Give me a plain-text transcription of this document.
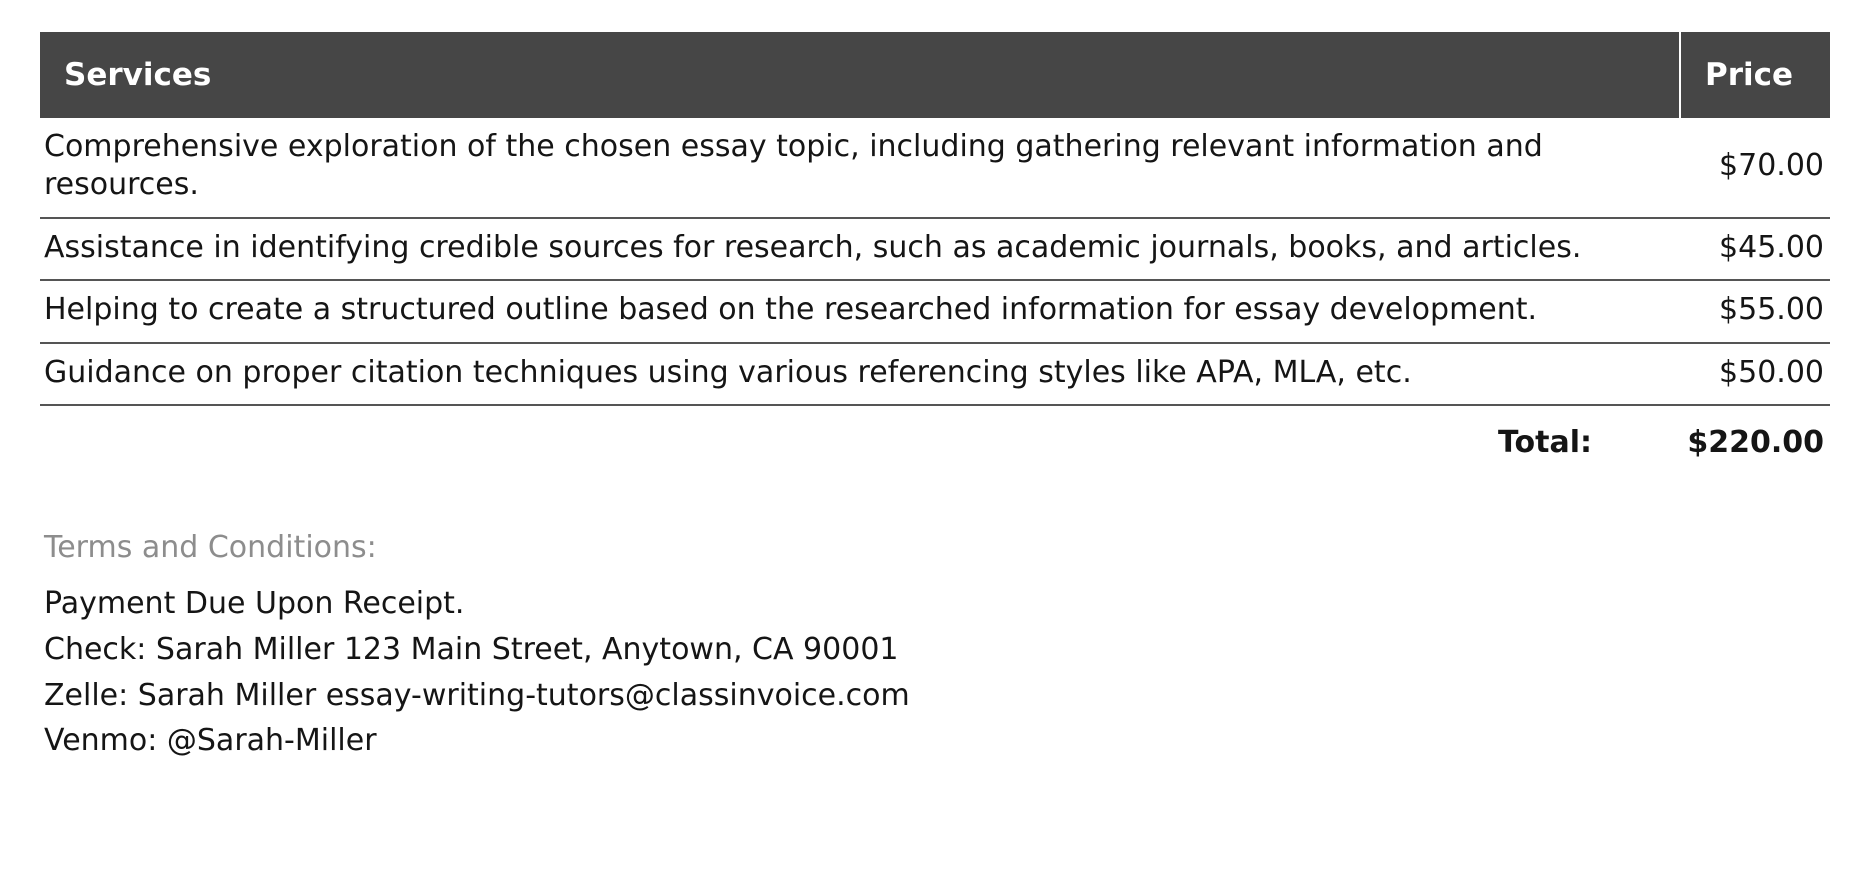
Services	Price
Comprehensive exploration of the chosen essay topic, including gathering relevant information and resources.	$70.00
Assistance in identifying credible sources for research, such as academic journals, books, and articles.	$45.00
Helping to create a structured outline based on the researched information for essay development.	$55.00
Guidance on proper citation techniques using various referencing styles like APA, MLA, etc.	$50.00
Total:	$220.00
Terms and Conditions:
Payment Due Upon Receipt.
Check: Sarah Miller 123 Main Street, Anytown, CA 90001
Zelle: Sarah Miller essay-writing-tutors@classinvoice.com
Venmo: @Sarah-Miller
